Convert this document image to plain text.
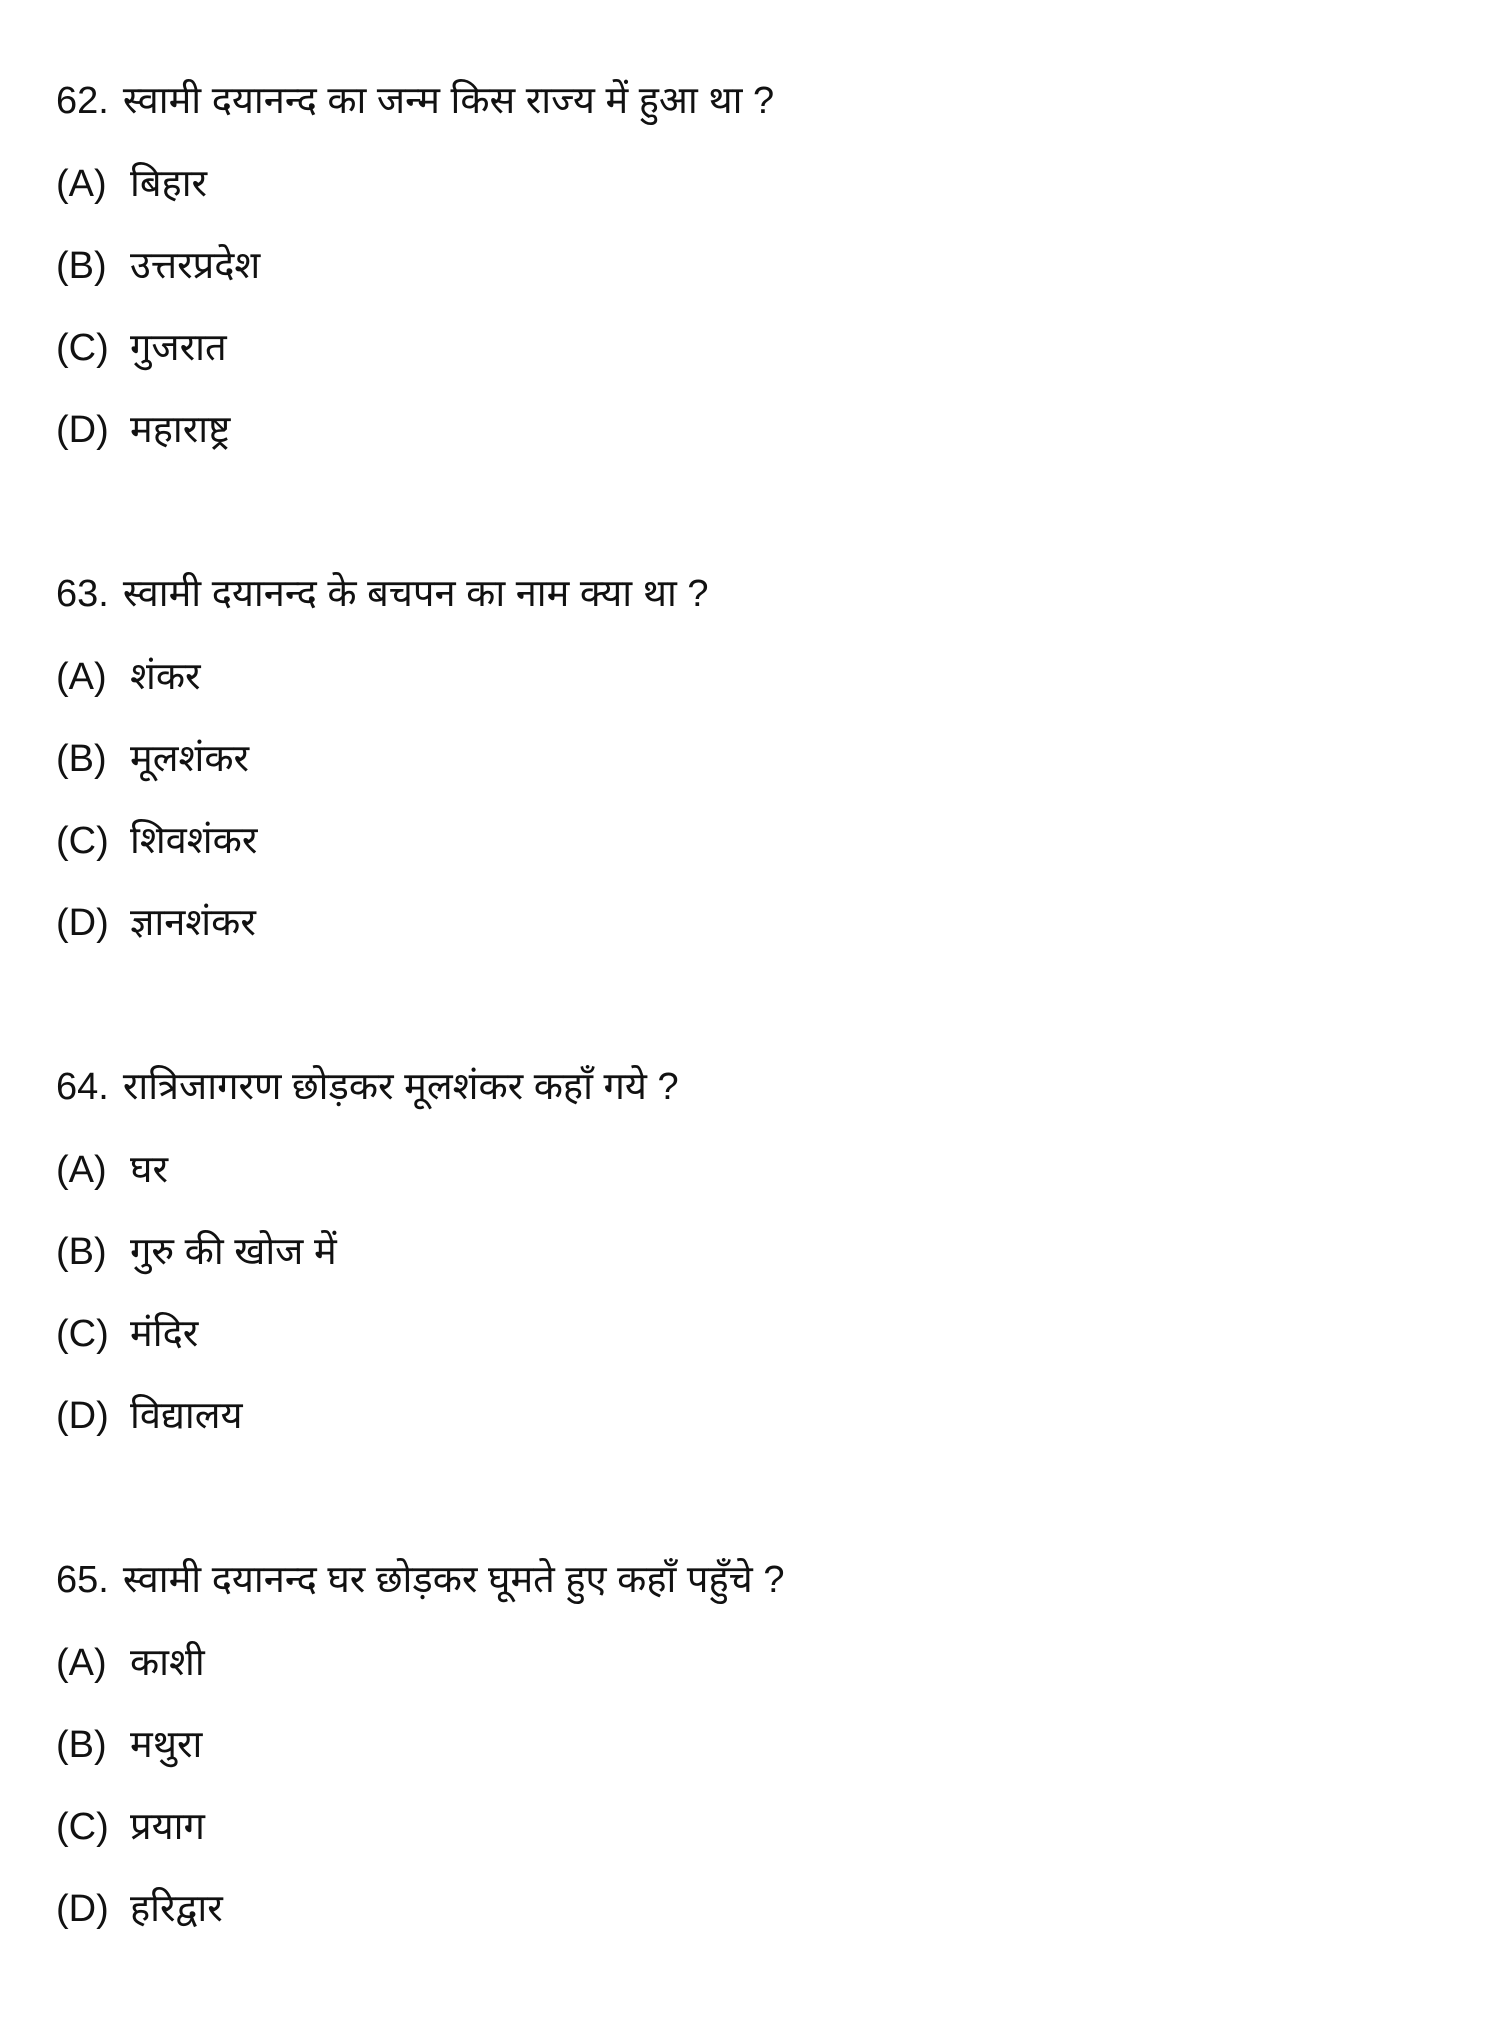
62. स्वामी दयानन्द का जन्म किस राज्य में हुआ था ?
(A) बिहार
(B) उत्तरप्रदेश
(C) गुजरात
(D) महाराष्ट्र
63. स्वामी दयानन्द के बचपन का नाम क्या था ?
(A) शंकर
(B) मूलशंकर
(C) शिवशंकर
(D) ज्ञानशंकर
64. रात्रिजागरण छोड़कर मूलशंकर कहाँ गये ?
(A) घर
(B) गुरु की खोज में
(C) मंदिर
(D) विद्यालय
65. स्वामी दयानन्द घर छोड़कर घूमते हुए कहाँ पहुँचे ?
(A) काशी
(B) मथुरा
(C) प्रयाग
(D) हरिद्वार
